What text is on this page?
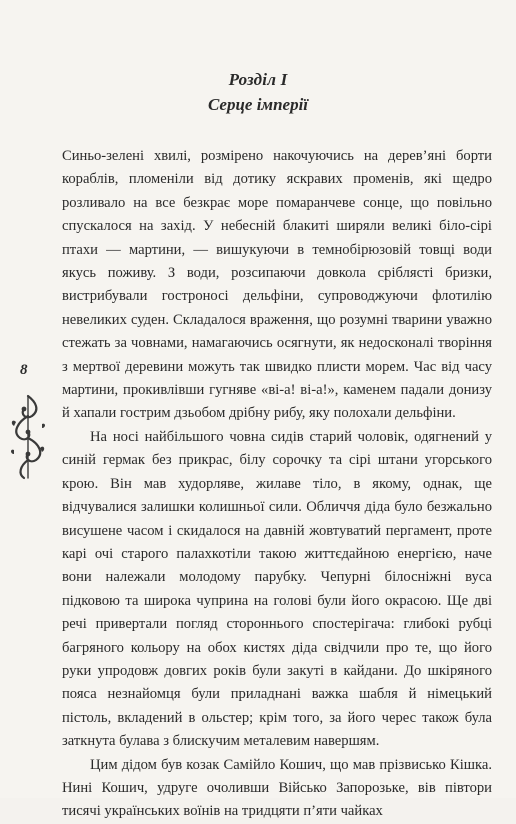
Розділ I
Серце імперії

Синьо-зелені хвилі, розмірено накочуючись на дерев’яні борти кораблів, пломеніли від дотику яскравих променів, які щедро розливало на все безкрає море помаранчеве сонце, що повільно спускалося на захід. У небесній блакиті ширяли великі біло-сірі птахи — мартини, — вишукуючи в темнобірюзовій товщі води якусь поживу. З води, розсипаючи довкола сріблясті бризки, вистрибували гостроносі дельфіни, супроводжуючи флотилію невеликих суден. Складалося враження, що розумні тварини уважно стежать за човнами, намагаючись осягнути, як недосконалі творіння з мертвої деревини можуть так швидко плисти морем. Час від часу мартини, прокивлівши гугняве «ві-а! ві-а!», каменем падали донизу й хапали гострим дзьобом дрібну рибу, яку полохали дельфіни.

На носі найбільшого човна сидів старий чоловік, одягнений у синій гермак без прикрас, білу сорочку та сірі штани угорського крою. Він мав худорляве, жилаве тіло, в якому, однак, ще відчувалися залишки колишньої сили. Обличчя діда було безжально висушене часом і скидалося на давній жовтуватий пергамент, проте карі очі старого палахкотіли такою життєдайною енергією, наче вони належали молодому парубку. Чепурні білосніжні вуса підковою та широка чуприна на голові були його окрасою. Ще дві речі привертали погляд стороннього спостерігача: глибокі рубці багряного кольору на обох кистях діда свідчили про те, що його руки упродовж довгих років були закуті в кайдани. До шкіряного пояса незнайомця були приладнані важка шабля й німецький пістоль, вкладений в ольстер; крім того, за його черес також була заткнута булава з блискучим металевим навершям.

Цим дідом був козак Самійло Кошич, що мав прізвисько Кішка. Нині Кошич, удруге очоливши Військо Запорозьке, вів півтори тисячі українських воїнів на тридцяти п’яти чайках

8
